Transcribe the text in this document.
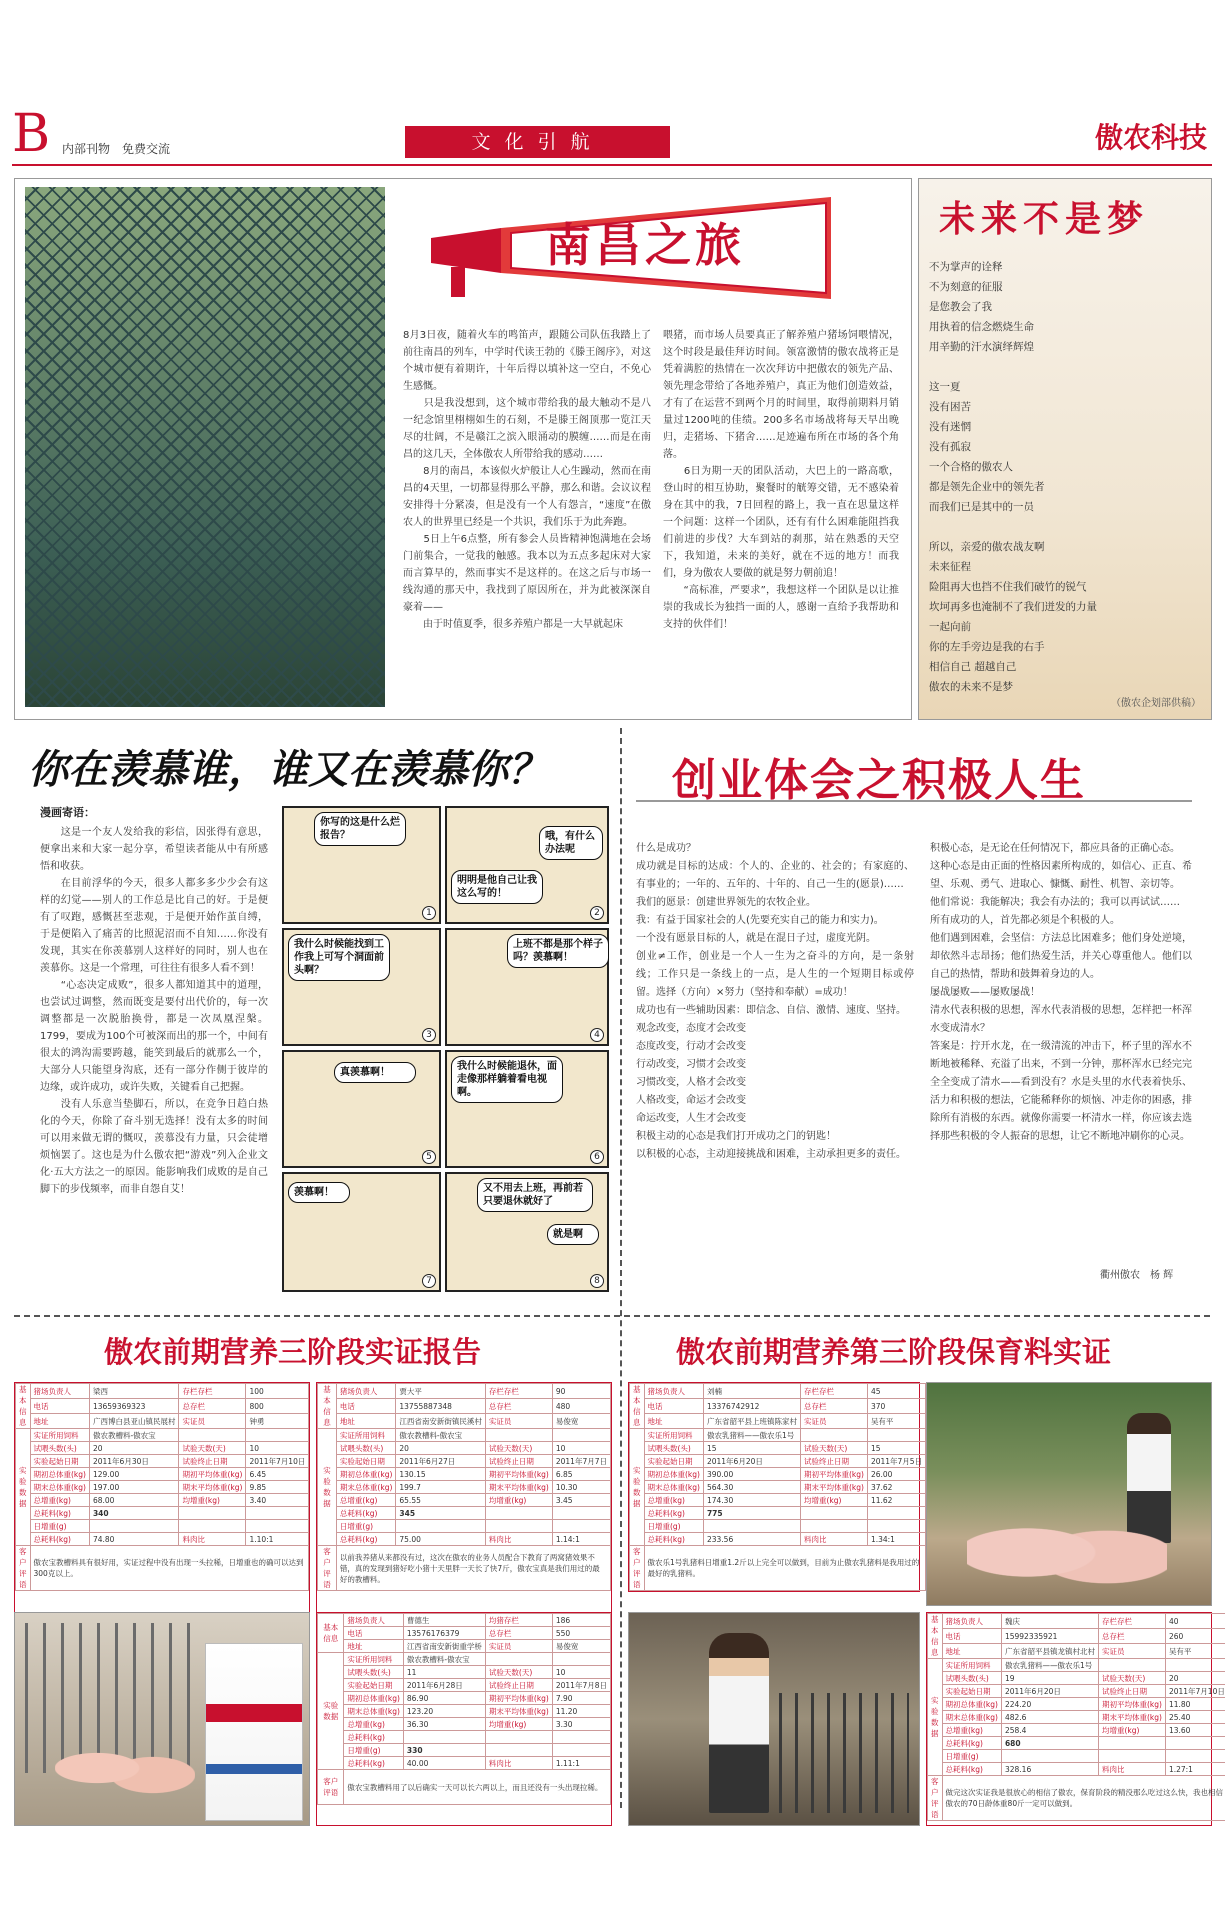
B 内部刊物　免费交流	文化引航	傲农科技
南昌之旅
8月3日夜，随着火车的鸣笛声，跟随公司队伍我踏上了前往南昌的列车，中学时代读王勃的《滕王阁序》，对这个城市便有着期许，十年后得以填补这一空白，不免心生感慨。
　　只是我没想到，这个城市带给我的最大触动不是八一纪念馆里栩栩如生的石刻，不是滕王阁顶那一览江天尽的壮阔，不是赣江之滨入眼涌动的膜缠……而是在南昌的这几天，全体傲农人所带给我的感动……
　　8月的南昌，本该似火炉般让人心生躁动，然而在南昌的4天里，一切都显得那么平静，那么和谐。会议议程安排得十分紧凑，但是没有一个人有怨言，“速度”在傲农人的世界里已经是一个共识，我们乐于为此奔跑。
　　5日上午6点整，所有参会人员皆精神饱满地在会场门前集合，一觉我的触感。我本以为五点多起床对大家而言算早的，然而事实不是这样的。在这之后与市场一线沟通的那天中，我找到了原因所在，并为此被深深自豪着——
　　由于时值夏季，很多养殖户都是一大早就起床
喂猪，而市场人员要真正了解养殖户猪场饲喂情况，这个时段是最佳拜访时间。领富激情的傲农战将正是凭着满腔的热情在一次次拜访中把傲农的领先产品、领先理念带给了各地养殖户，真正为他们创造效益，才有了在运营不到两个月的时间里，取得前期料月销量过1200吨的佳绩。200多名市场战将每天早出晚归，走猪场、下猪舍……足迹遍布所在市场的各个角落。
　　6日为期一天的团队活动，大巴上的一路高歌，登山时的相互协助，聚餐时的觥筹交错，无不感染着身在其中的我，7日回程的路上，我一直在思量这样一个问题：这样一个团队，还有有什么困难能阻挡我们前进的步伐？大车到站的刹那，站在熟悉的天空下，我知道，未来的美好，就在不远的地方！而我们，身为傲农人要做的就是努力朝前追！
　　“高标准，严要求”，我想这样一个团队是以让推崇的我成长为独挡一面的人，感谢一直给予我帮助和支持的伙伴们！
未来不是梦
不为掌声的诠释
不为刻意的征服
是您教会了我
用执着的信念燃烧生命
用辛勤的汗水演绎辉煌

这一夏
没有困苦
没有迷惘
没有孤寂
一个合格的傲农人
都是领先企业中的领先者
而我们已是其中的一员

所以，亲爱的傲农战友啊
未来征程
险阻再大也挡不住我们破竹的锐气
坎坷再多也淹制不了我们迸发的力量
一起向前
你的左手旁边是我的右手
相信自己 超越自己
傲农的未来不是梦
（傲农企划部供稿）
你在羡慕谁，谁又在羡慕你？
漫画寄语：
　　这是一个友人发给我的彩信，因张得有意思，便拿出来和大家一起分享，希望读者能从中有所感悟和收获。
　　在目前浮华的今天，很多人都多多少少会有这样的幻觉——别人的工作总是比自己的好。于是便有了叹跑，感慨甚至悲观，于是便开始作茧自缚，于是便陷入了痛苦的比照泥沼而不自知……你没有发现，其实在你羡慕别人这样好的同时，别人也在羡慕你。这是一个常理，可往往有很多人看不到！
　　“心态决定成败”，很多人都知道其中的道理，也尝试过调整，然而既变是要付出代价的，每一次调整都是一次脱胎换骨，都是一次凤凰涅槃。1799，要成为100个可被深而出的那一个，中间有很太的鸿沟需要跨越，能笑到最后的就那么一个，大部分人只能望身沟底，还有一部分作侧于彼岸的边缘，或许成功，或许失败，关键看自己把握。
　　没有人乐意当垫脚石，所以，在竞争日趋白热化的今天，你除了奋斗别无选择！没有太多的时间可以用来做无谓的慨叹，羡慕没有力量，只会徒增烦恼罢了。这也是为什么傲农把“游戏”列入企业文化‧五大方法之一的原因。能影响我们成败的是自己脚下的步伐频率，而非自怨自艾！
你写的这是什么烂报告？
1
哦，有什么办法呢
明明是他自己让我这么写的！
2
我什么时候能找到工作我上可写个洞面前头啊？
3
上班不都是那个样子吗？羡慕啊！
4
真羡慕啊！
5
我什么时候能退休，面走像那样躺着看电视啊。
6
羡慕啊！
7
又不用去上班，再前若只要退休就好了
就是啊
8
创业体会之积极人生
什么是成功？
成功就是目标的达成：个人的、企业的、社会的；有家庭的、有事业的；一年的、五年的、十年的、自己一生的(愿景)……
我们的愿景：创建世界领先的农牧企业。
我：有益于国家社会的人(先要充实自己的能力和实力)。
一个没有愿景目标的人，就是在混日子过，虚度光阴。
创业≠工作，创业是一个人一生为之奋斗的方向，是一条射线；工作只是一条线上的一点，是人生的一个短期目标或停留。选择（方向）×努力（坚持和奉献）=成功！
成功也有一些辅助因素：即信念、自信、激情、速度、坚持。
观念改变，态度才会改变
态度改变，行动才会改变
行动改变，习惯才会改变
习惯改变，人格才会改变
人格改变，命运才会改变
命运改变，人生才会改变
积极主动的心态是我们打开成功之门的钥匙！
以积极的心态，主动迎接挑战和困难，主动承担更多的责任。
积极心态，是无论在任何情况下，都应具备的正确心态。
这种心态是由正面的性格因素所构成的，如信心、正直、希望、乐观、勇气、进取心、慷慨、耐性、机智、亲切等。
他们常说：我能解决；我会有办法的；我可以再试试……
所有成功的人，首先都必须是个积极的人。
他们遇到困难，会坚信：方法总比困难多；他们身处逆境，却依然斗志昂扬；他们热爱生活，并关心尊重他人。他们以自己的热情，帮助和鼓舞着身边的人。
屡战屡败——屡败屡战！
清水代表积极的思想，浑水代表消极的思想，怎样把一杯浑水变成清水？
答案是：拧开水龙，在一级清流的冲击下，杯子里的浑水不断地被稀释、充溢了出来，不到一分钟，那杯浑水已经完完全全变成了清水——看到没有？水是头里的水代表着快乐、活力和积极的想法，它能稀释你的烦恼、冲走你的困惑，排除所有消极的东西。就像你需要一杯清水一样，你应该去选择那些积极的令人振奋的思想，让它不断地冲刷你的心灵。
衢州傲农　杨 辉
傲农前期营养三阶段实证报告	傲农前期营养第三阶段保育料实证
基本信息	猪场负责人	梁西	存栏存栏	100
	电话	13659369323	总存栏	800
	地址	广西博白县亚山镇民展村	实证员	钟勇
实验数据	实证所用饲料	傲农教槽料-傲农宝		
	试喂头数(头)	20	试验天数(天)	10
	实验起始日期	2011年6月30日	试验终止日期	2011年7月10日
	期初总体重(kg)	129.00	期初平均体重(kg)	6.45
	期末总体重(kg)	197.00	期末平均体重(kg)	9.85
	总增重(kg)	68.00	均增重(kg)	3.40
	总耗料(kg)	340		
	日增重(g)			
	总耗料(kg)	74.80	料肉比	1.10:1
客户评语	傲农宝教槽料具有很好用，实证过程中没有出现一头拉稀，日增重也的确可以达到300克以上。			
基本信息	猪场负责人	贾大平	存栏存栏	90
	电话	13755887348	总存栏	480
	地址	江西省南安新街镇民溪村	实证员	易俊宽
实验数据	实证所用饲料	傲农教槽料-傲农宝		
	试喂头数(头)	20	试验天数(天)	10
	实验起始日期	2011年6月27日	试验终止日期	2011年7月7日
	期初总体重(kg)	130.15	期初平均体重(kg)	6.85
	期末总体重(kg)	199.7	期末平均体重(kg)	10.30
	总增重(kg)	65.55	均增重(kg)	3.45
	总耗料(kg)	345		
	日增重(g)			
	总耗料(kg)	75.00	料肉比	1.14:1
客户评语	以前我养猪从来都没有过，这次在傲农的业务人员配合下教育了两窝猪效果不错，真的发现到猪好吃小猪十天里胖一天长了快7斤，傲农宝真是我们用过的最好的教槽料。			
基本信息	猪场负责人	曹德生	均猪存栏	186
	电话	13576176379	总存栏	550
	地址	江西省南安新街重学桥	实证员	易俊宽
实验数据	实证所用饲料	傲农教槽料-傲农宝		
	试喂头数(头)	11	试验天数(天)	10
	实验起始日期	2011年6月28日	试验终止日期	2011年7月8日
	期初总体重(kg)	86.90	期初平均体重(kg)	7.90
	期末总体重(kg)	123.20	期末平均体重(kg)	11.20
	总增重(kg)	36.30	均增重(kg)	3.30
	总耗料(kg)			
	日增重(g)	330		
	总耗料(kg)	40.00	料肉比	1.11:1
客户评语	傲农宝教槽料用了以后确实一天可以长六两以上，而且还没有一头出现拉稀。			
基本信息	猪场负责人	刘楠	存栏存栏	45
	电话	13376742912	总存栏	370
	地址	广东省韶平县上班镇陈家村	实证员	吴有平
实验数据	实证所用饲料	傲农乳猪料——傲农乐1号		
	试喂头数(头)	15	试验天数(天)	15
	实验起始日期	2011年6月20日	试验终止日期	2011年7月5日
	期初总体重(kg)	390.00	期初平均体重(kg)	26.00
	期末总体重(kg)	564.30	期末平均体重(kg)	37.62
	总增重(kg)	174.30	均增重(kg)	11.62
	总耗料(kg)	775		
	日增重(g)			
	总耗料(kg)	233.56	料肉比	1.34:1
客户评语	傲农乐1号乳猪料日增重1.2斤以上完全可以做到，目前为止傲农乳猪料是我用过的最好的乳猪料。			
基本信息	猪场负责人	魏庆	存栏存栏	40
	电话	15992335921	总存栏	260
	地址	广东省韶平县镇龙镇村北村	实证员	吴有平
实验数据	实证所用饲料	傲农乳猪料——傲农乐1号		
	试喂头数(头)	19	试验天数(天)	20
	实验起始日期	2011年6月20日	试验终止日期	2011年7月10日
	期初总体重(kg)	224.20	期初平均体重(kg)	11.80
	期末总体重(kg)	482.6	期末平均体重(kg)	25.40
	总增重(kg)	258.4	均增重(kg)	13.60
	总耗料(kg)	680		
	日增重(g)			
	总耗料(kg)	328.16	料肉比	1.27:1
客户评语	做完这次实证我是很放心的相信了傲农，保育阶段的精没那么吃过这么快，我也相信傲农的70日龄体重80斤一定可以做到。			
